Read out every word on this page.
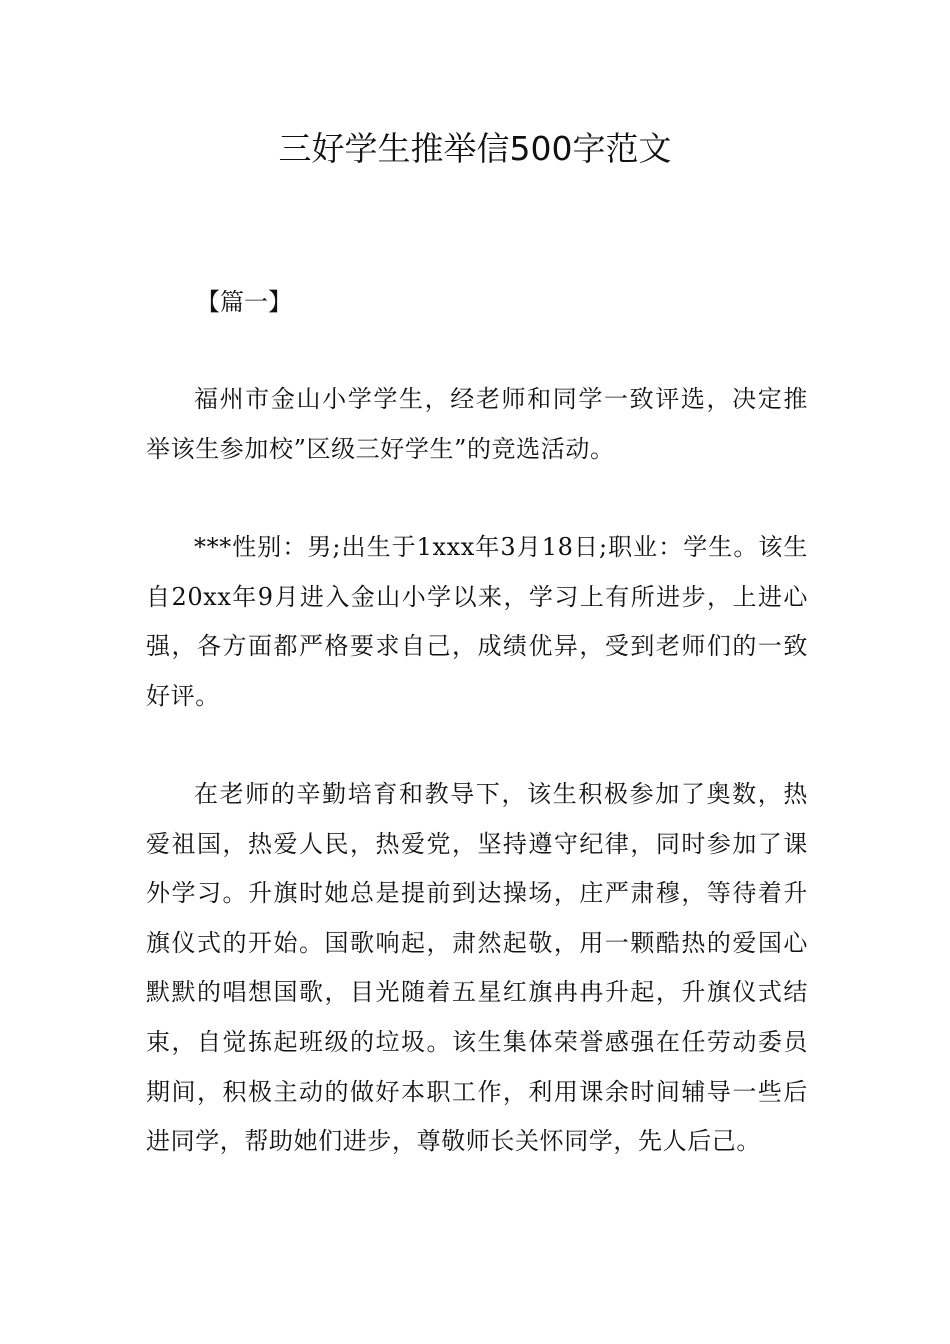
三好学生推举信500字范文

【篇一】

福州市金山小学学生，经老师和同学一致评选，决定推举该生参加校”区级三好学生”的竞选活动。

***性别：男;出生于1xxx年3月18日;职业：学生。该生自20xx年9月进入金山小学以来，学习上有所进步，上进心强，各方面都严格要求自己，成绩优异，受到老师们的一致好评。

在老师的辛勤培育和教导下，该生积极参加了奥数，热爱祖国，热爱人民，热爱党，坚持遵守纪律，同时参加了课外学习。升旗时她总是提前到达操场，庄严肃穆，等待着升旗仪式的开始。国歌响起，肃然起敬，用一颗酷热的爱国心默默的唱想国歌，目光随着五星红旗冉冉升起，升旗仪式结束，自觉拣起班级的垃圾。该生集体荣誉感强在任劳动委员期间，积极主动的做好本职工作，利用课余时间辅导一些后进同学，帮助她们进步，尊敬师长关怀同学，先人后己。
